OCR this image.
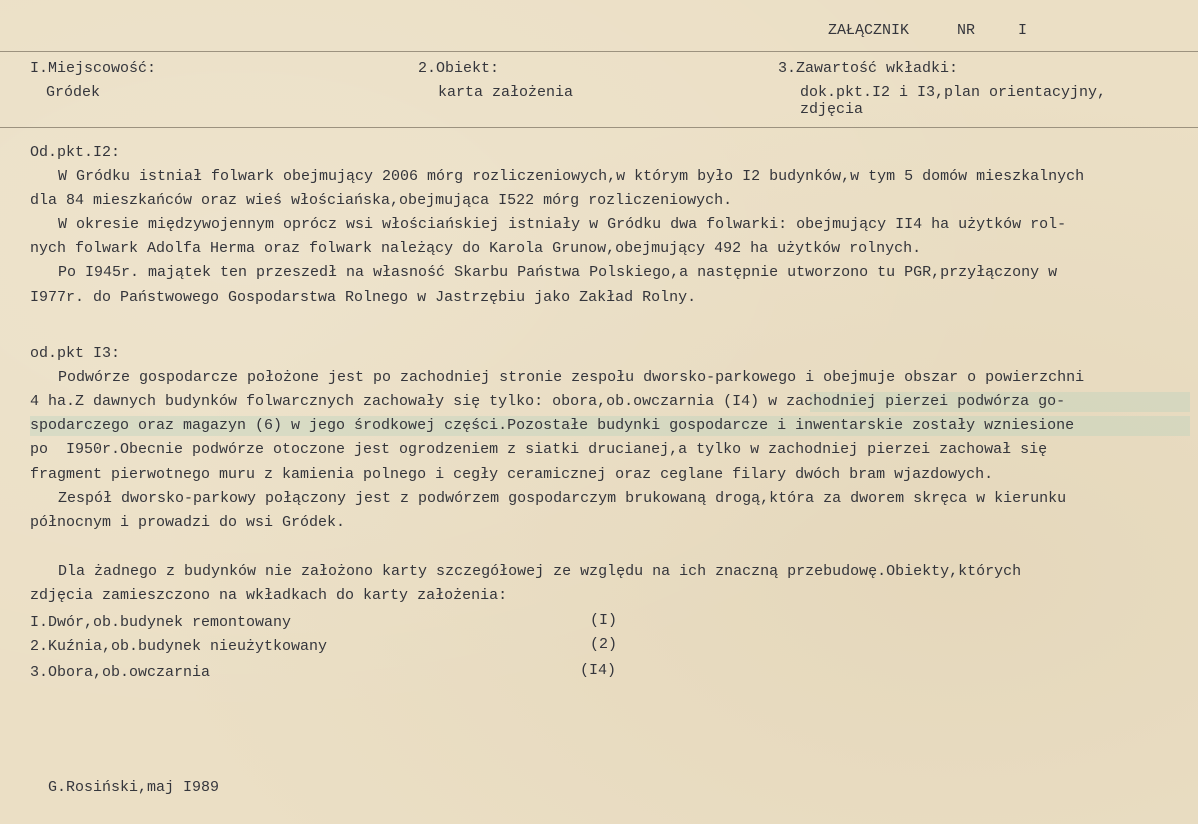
ZAŁĄCZNIK	NR	I
I.Miejscowość:
Gródek
2.Obiekt:
karta założenia
3.Zawartość wkładki:
dok.pkt.I2 i I3,plan orientacyjny,
zdjęcia
Od.pkt.I2:
W Gródku istniał folwark obejmujący 2006 mórg rozliczeniowych,w którym było I2 budynków,w tym 5 domów mieszkalnych
dla 84 mieszkańców oraz wieś włościańska,obejmująca I522 mórg rozliczeniowych.
W okresie międzywojennym oprócz wsi włościańskiej istniały w Gródku dwa folwarki: obejmujący II4 ha użytków rol-
nych folwark Adolfa Herma oraz folwark należący do Karola Grunow,obejmujący 492 ha użytków rolnych.
Po I945r. majątek ten przeszedł na własność Skarbu Państwa Polskiego,a następnie utworzono tu PGR,przyłączony w
I977r. do Państwowego Gospodarstwa Rolnego w Jastrzębiu jako Zakład Rolny.
od.pkt I3:
Podwórze gospodarcze położone jest po zachodniej stronie zespołu dworsko-parkowego i obejmuje obszar o powierzchni
4 ha.Z dawnych budynków folwarcznych zachowały się tylko: obora,ob.owczarnia (I4) w zachodniej pierzei podwórza go-
spodarczego oraz magazyn (6) w jego środkowej części.Pozostałe budynki gospodarcze i inwentarskie zostały wzniesione
po  I950r.Obecnie podwórze otoczone jest ogrodzeniem z siatki drucianej,a tylko w zachodniej pierzei zachował się
fragment pierwotnego muru z kamienia polnego i cegły ceramicznej oraz ceglane filary dwóch bram wjazdowych.
Zespół dworsko-parkowy połączony jest z podwórzem gospodarczym brukowaną drogą,która za dworem skręca w kierunku
północnym i prowadzi do wsi Gródek.
Dla żadnego z budynków nie założono karty szczegółowej ze względu na ich znaczną przebudowę.Obiekty,których
zdjęcia zamieszczono na wkładkach do karty założenia:
I.Dwór,ob.budynek remontowany	(I)
2.Kuźnia,ob.budynek nieużytkowany	(2)
3.Obora,ob.owczarnia	(I4)
G.Rosiński,maj I989
